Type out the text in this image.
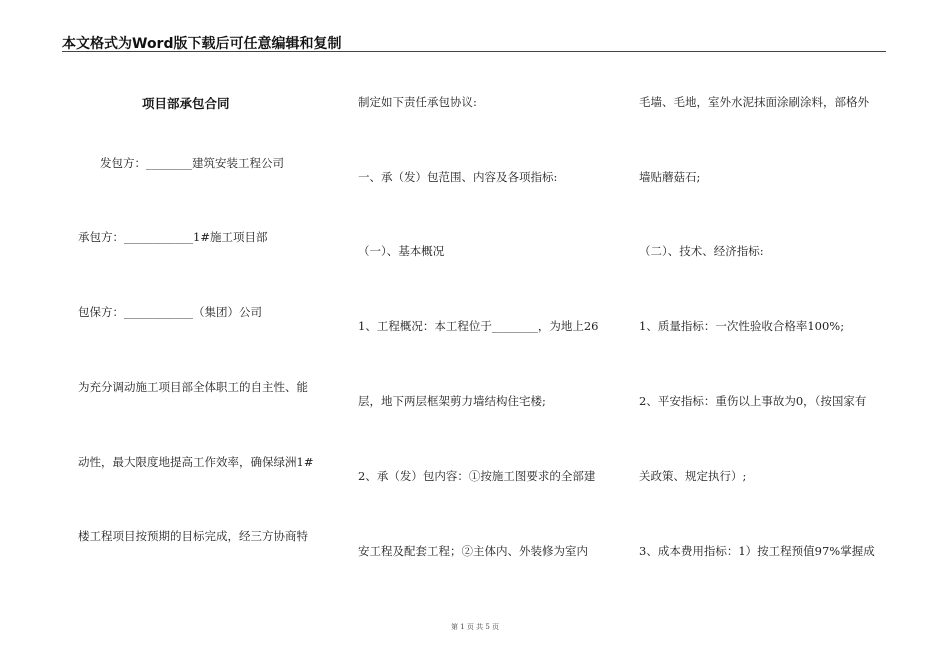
本文格式为Word版下载后可任意编辑和复制
项目部承包合同
发包方：________建筑安装工程公司
承包方：____________1#施工项目部
包保方：____________（集团）公司
为充分调动施工项目部全体职工的自主性、能
动性，最大限度地提高工作效率，确保绿洲1#
楼工程项目按预期的目标完成，经三方协商特
制定如下责任承包协议:
一、承（发）包范围、内容及各项指标:
（一）、基本概况
1、工程概况：本工程位于________，为地上26
层，地下两层框架剪力墙结构住宅楼;
2、承（发）包内容：①按施工图要求的全部建
安工程及配套工程；②主体内、外装修为室内
毛墙、毛地，室外水泥抹面涂刷涂料，部格外
墙贴蘑菇石;
（二）、技术、经济指标:
1、质量指标：一次性验收合格率100%;
2、平安指标：重伤以上事故为0，（按国家有
关政策、规定执行）;
3、成本费用指标：1）按工程预值97%掌握成
第 1 页 共 5 页
